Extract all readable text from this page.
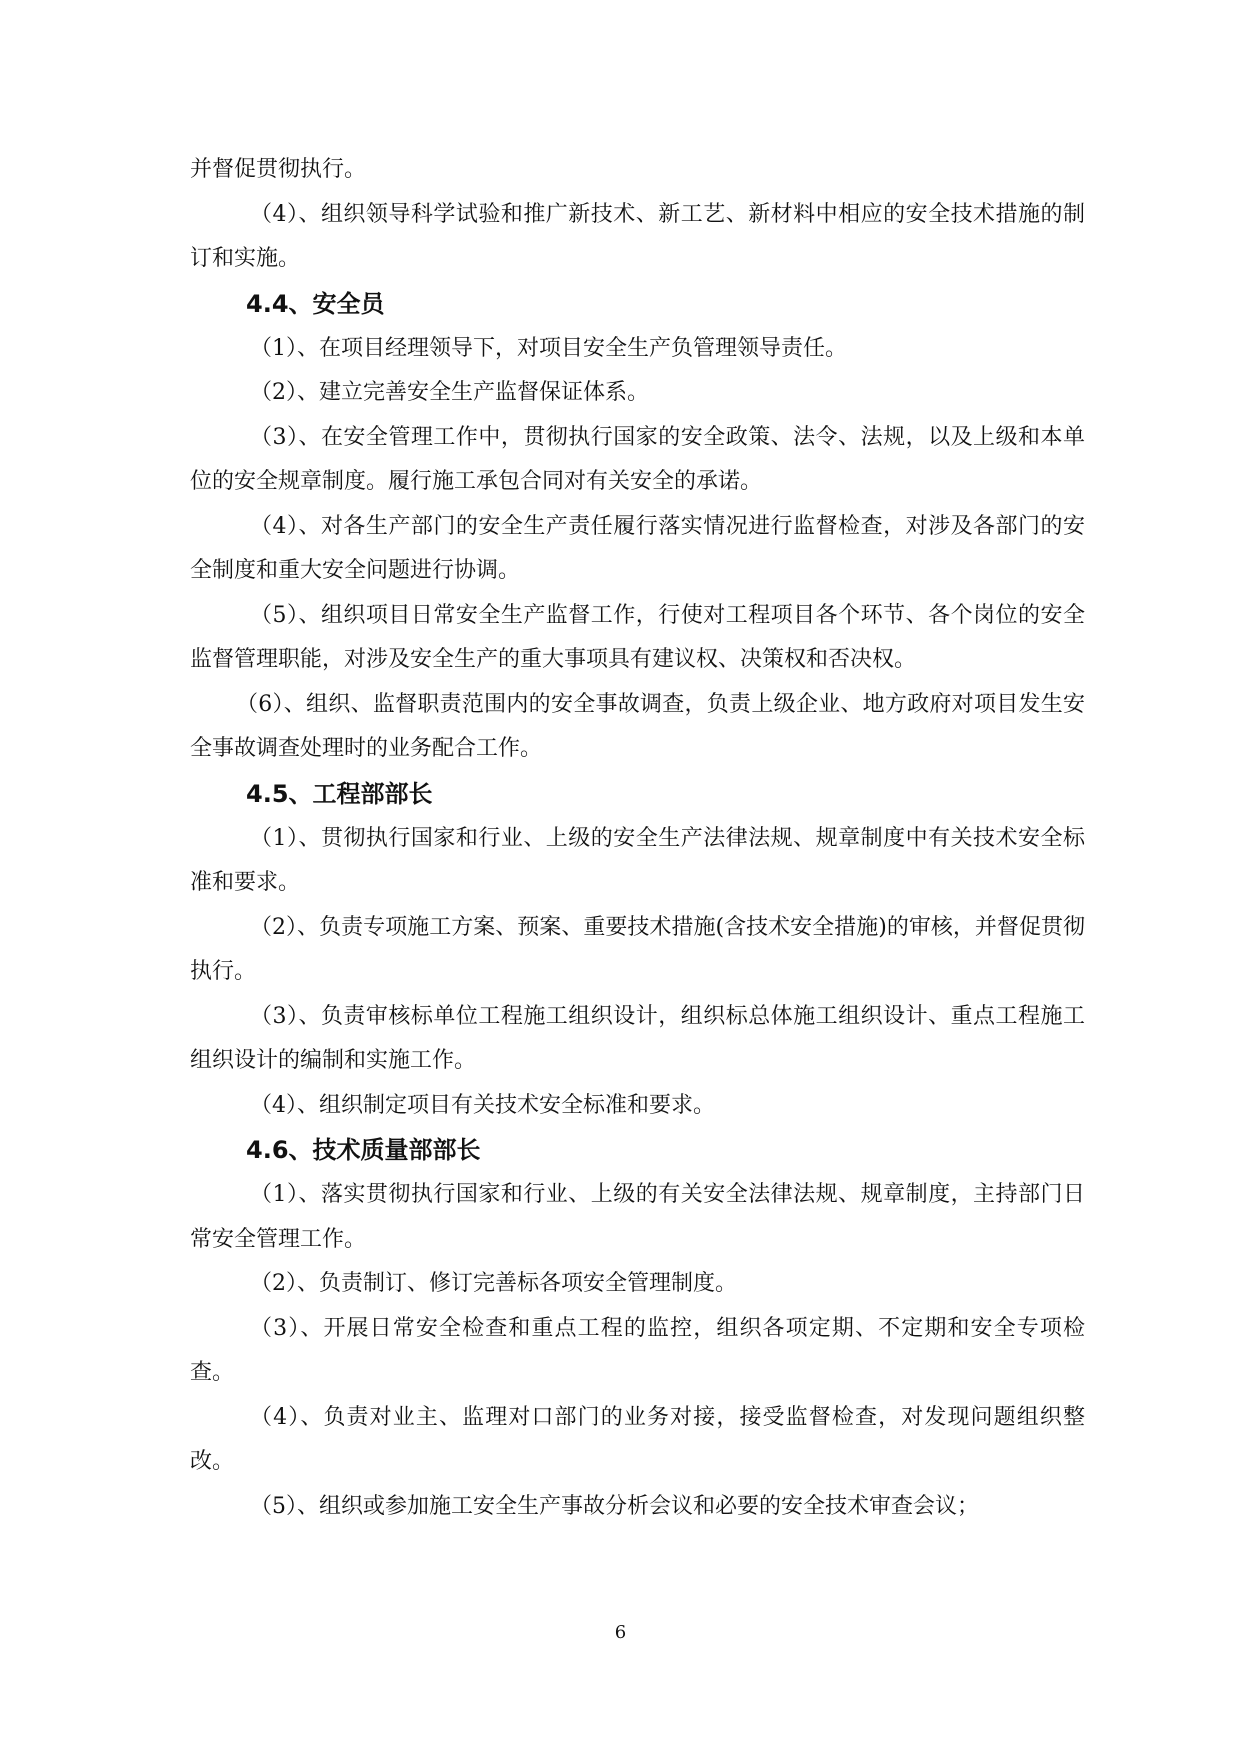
并督促贯彻执行。

（4）、组织领导科学试验和推广新技术、新工艺、新材料中相应的安全技术措施的制订和实施。

4.4、安全员

（1）、在项目经理领导下，对项目安全生产负管理领导责任。

（2）、建立完善安全生产监督保证体系。

（3）、在安全管理工作中，贯彻执行国家的安全政策、法令、法规，以及上级和本单位的安全规章制度。履行施工承包合同对有关安全的承诺。

（4）、对各生产部门的安全生产责任履行落实情况进行监督检查，对涉及各部门的安全制度和重大安全问题进行协调。

（5）、组织项目日常安全生产监督工作，行使对工程项目各个环节、各个岗位的安全监督管理职能，对涉及安全生产的重大事项具有建议权、决策权和否决权。

（6）、组织、监督职责范围内的安全事故调查，负责上级企业、地方政府对项目发生安全事故调查处理时的业务配合工作。

4.5、工程部部长

（1）、贯彻执行国家和行业、上级的安全生产法律法规、规章制度中有关技术安全标准和要求。

（2）、负责专项施工方案、预案、重要技术措施(含技术安全措施)的审核，并督促贯彻执行。

（3）、负责审核标单位工程施工组织设计，组织标总体施工组织设计、重点工程施工组织设计的编制和实施工作。

（4）、组织制定项目有关技术安全标准和要求。

4.6、技术质量部部长

（1）、落实贯彻执行国家和行业、上级的有关安全法律法规、规章制度，主持部门日常安全管理工作。

（2）、负责制订、修订完善标各项安全管理制度。

（3）、开展日常安全检查和重点工程的监控，组织各项定期、不定期和安全专项检查。

（4）、负责对业主、监理对口部门的业务对接，接受监督检查，对发现问题组织整改。

（5）、组织或参加施工安全生产事故分析会议和必要的安全技术审查会议；

6
